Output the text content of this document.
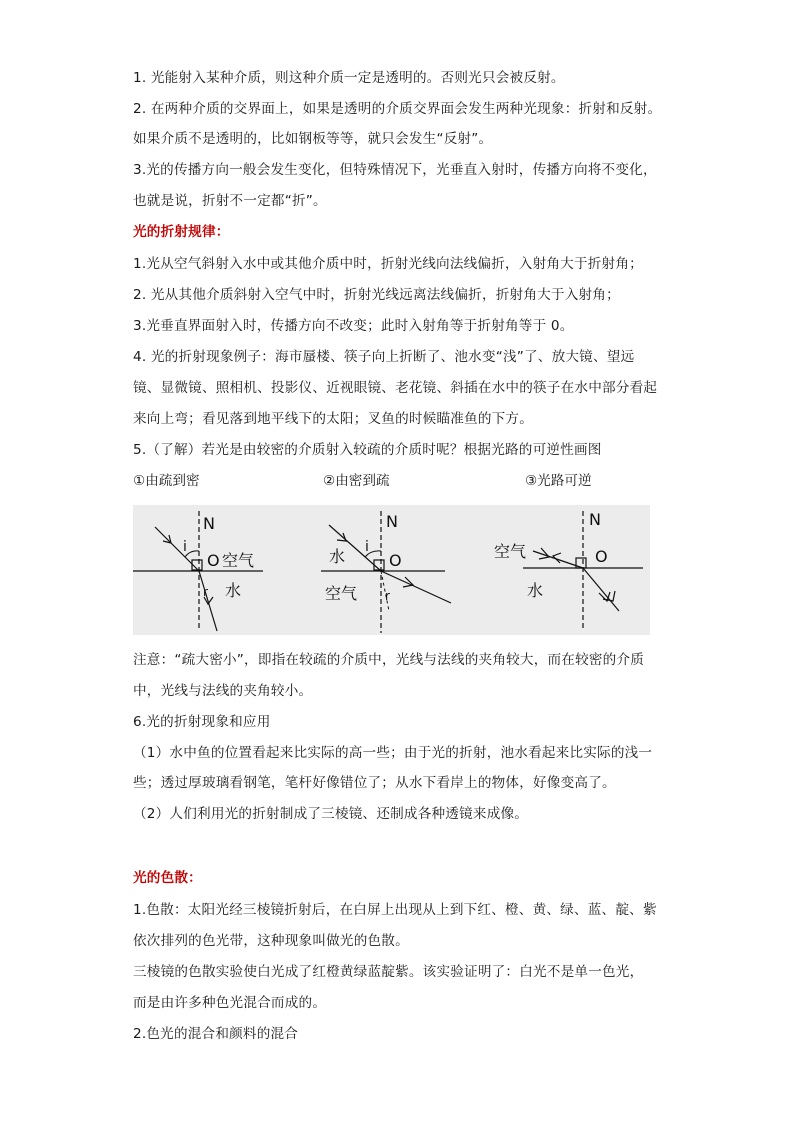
1. 光能射入某种介质，则这种介质一定是透明的。否则光只会被反射。
2. 在两种介质的交界面上，如果是透明的介质交界面会发生两种光现象：折射和反射。
如果介质不是透明的，比如钢板等等，就只会发生“反射”。
3.光的传播方向一般会发生变化，但特殊情况下，光垂直入射时，传播方向将不变化，
也就是说，折射不一定都“折”。
光的折射规律：
1.光从空气斜射入水中或其他介质中时，折射光线向法线偏折，入射角大于折射角；
2. 光从其他介质斜射入空气中时，折射光线远离法线偏折，折射角大于入射角；
3.光垂直界面射入时，传播方向不改变；此时入射角等于折射角等于 0。
4. 光的折射现象例子：海市蜃楼、筷子向上折断了、池水变“浅”了、放大镜、望远
镜、显微镜、照相机、投影仪、近视眼镜、老花镜、斜插在水中的筷子在水中部分看起
来向上弯；看见落到地平线下的太阳；叉鱼的时候瞄准鱼的下方。
5.（了解）若光是由较密的介质射入较疏的介质时呢？根据光路的可逆性画图
①由疏到密	②由密到疏	③光路可逆
N
i
O 空气
水
r
N
i
O
水
空气 r
N
O
空气
水
注意：“疏大密小”，即指在较疏的介质中，光线与法线的夹角较大，而在较密的介质
中，光线与法线的夹角较小。
6.光的折射现象和应用
（1）水中鱼的位置看起来比实际的高一些；由于光的折射，池水看起来比实际的浅一
些；透过厚玻璃看钢笔，笔杆好像错位了；从水下看岸上的物体，好像变高了。
（2）人们利用光的折射制成了三棱镜、还制成各种透镜来成像。
光的色散：
1.色散：太阳光经三棱镜折射后，在白屏上出现从上到下红、橙、黄、绿、蓝、靛、紫
依次排列的色光带，这种现象叫做光的色散。
三棱镜的色散实验使白光成了红橙黄绿蓝靛紫。该实验证明了：白光不是单一色光，
而是由许多种色光混合而成的。
2.色光的混合和颜料的混合
